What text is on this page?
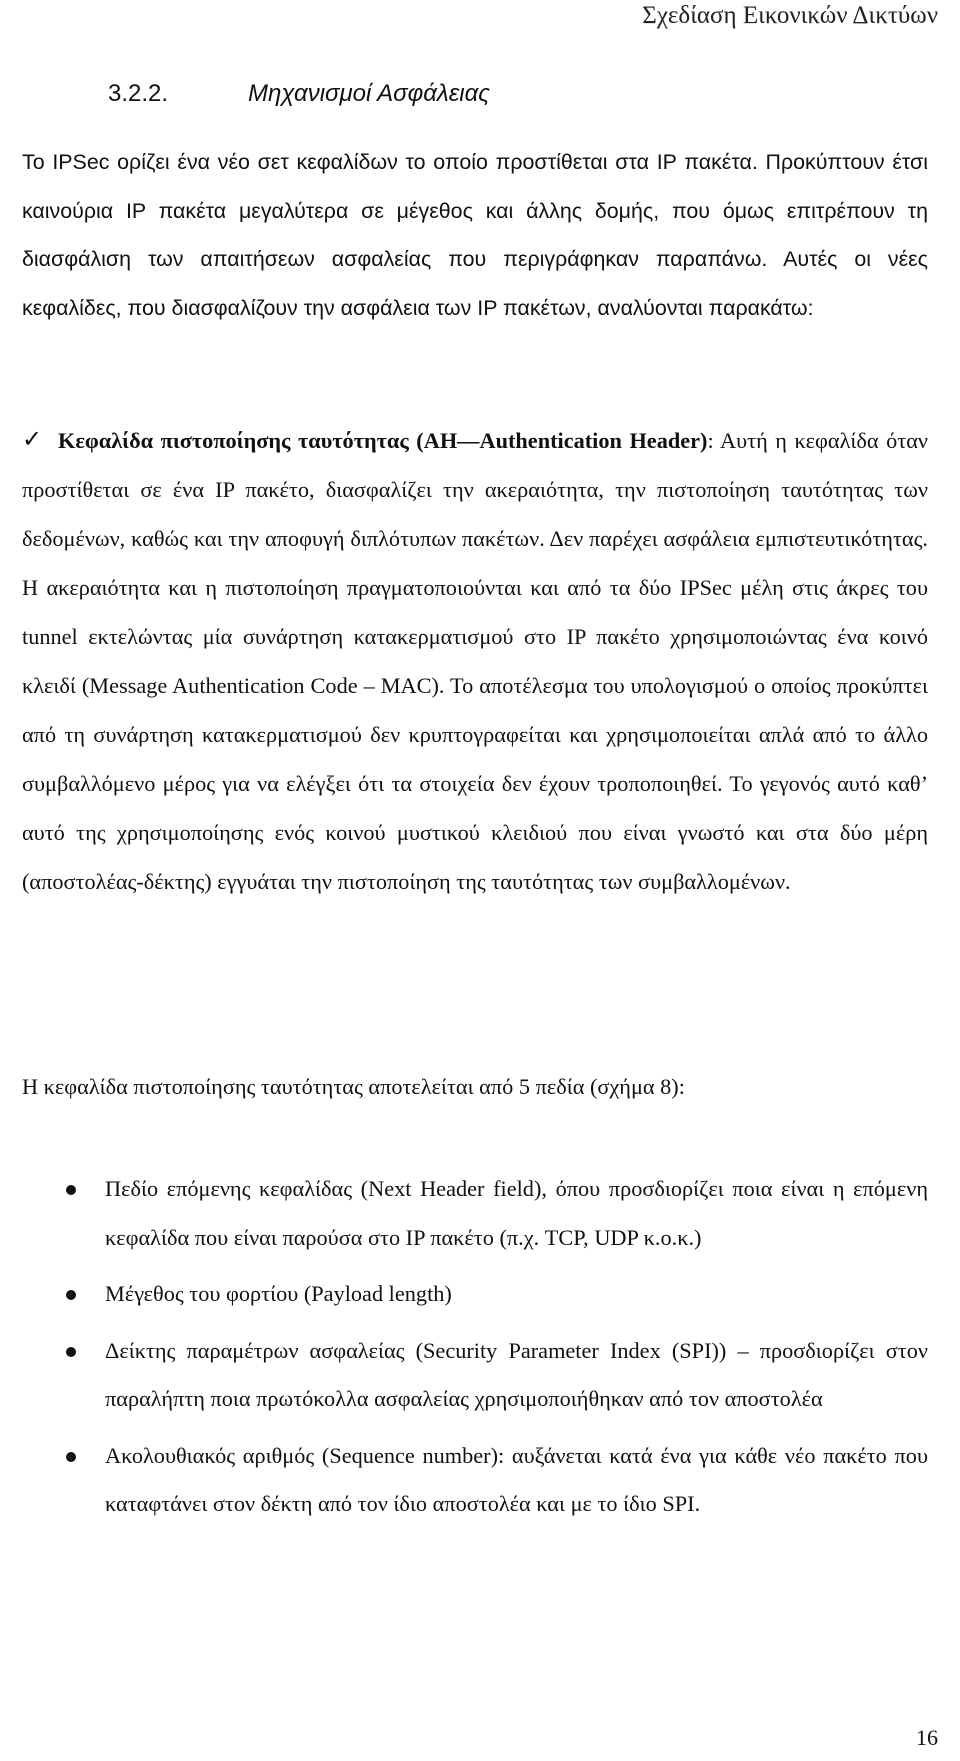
Σχεδίαση Εικονικών Δικτύων
3.2.2.	Μηχανισμοί Ασφάλειας

Το IPSec ορίζει ένα νέο σετ κεφαλίδων το οποίο προστίθεται στα IP πακέτα. Προκύπτουν έτσι καινούρια IP πακέτα μεγαλύτερα σε μέγεθος και άλλης δομής, που όμως επιτρέπουν τη διασφάλιση των απαιτήσεων ασφαλείας που περιγράφηκαν παραπάνω. Αυτές οι νέες κεφαλίδες, που διασφαλίζουν την ασφάλεια των IP πακέτων, αναλύονται παρακάτω:

✓ Κεφαλίδα πιστοποίησης ταυτότητας (AH—Authentication Header): Αυτή η κεφαλίδα όταν προστίθεται σε ένα IP πακέτο, διασφαλίζει την ακεραιότητα, την πιστοποίηση ταυτότητας των δεδομένων, καθώς και την αποφυγή διπλότυπων πακέτων. Δεν παρέχει ασφάλεια εμπιστευτικότητας. Η ακεραιότητα και η πιστοποίηση πραγματοποιούνται και από τα δύο IPSec μέλη στις άκρες του tunnel εκτελώντας μία συνάρτηση κατακερματισμού στο IP πακέτο χρησιμοποιώντας ένα κοινό κλειδί (Message Authentication Code – MAC). Το αποτέλεσμα του υπολογισμού ο οποίος προκύπτει από τη συνάρτηση κατακερματισμού δεν κρυπτογραφείται και χρησιμοποιείται απλά από το άλλο συμβαλλόμενο μέρος για να ελέγξει ότι τα στοιχεία δεν έχουν τροποποιηθεί. Το γεγονός αυτό καθ’ αυτό της χρησιμοποίησης ενός κοινού μυστικού κλειδιού που είναι γνωστό και στα δύο μέρη (αποστολέας-δέκτης) εγγυάται την πιστοποίηση της ταυτότητας των συμβαλλομένων.

Η κεφαλίδα πιστοποίησης ταυτότητας αποτελείται από 5 πεδία (σχήμα 8):

Πεδίο επόμενης κεφαλίδας (Next Header field), όπου προσδιορίζει ποια είναι η επόμενη κεφαλίδα που είναι παρούσα στο IP πακέτο (π.χ. TCP, UDP κ.ο.κ.)
Μέγεθος του φορτίου (Payload length)
Δείκτης παραμέτρων ασφαλείας (Security Parameter Index (SPI)) – προσδιορίζει στον παραλήπτη ποια πρωτόκολλα ασφαλείας χρησιμοποιήθηκαν από τον αποστολέα
Ακολουθιακός αριθμός (Sequence number): αυξάνεται κατά ένα για κάθε νέο πακέτο που καταφτάνει στον δέκτη από τον ίδιο αποστολέα και με το ίδιο SPI.
16
